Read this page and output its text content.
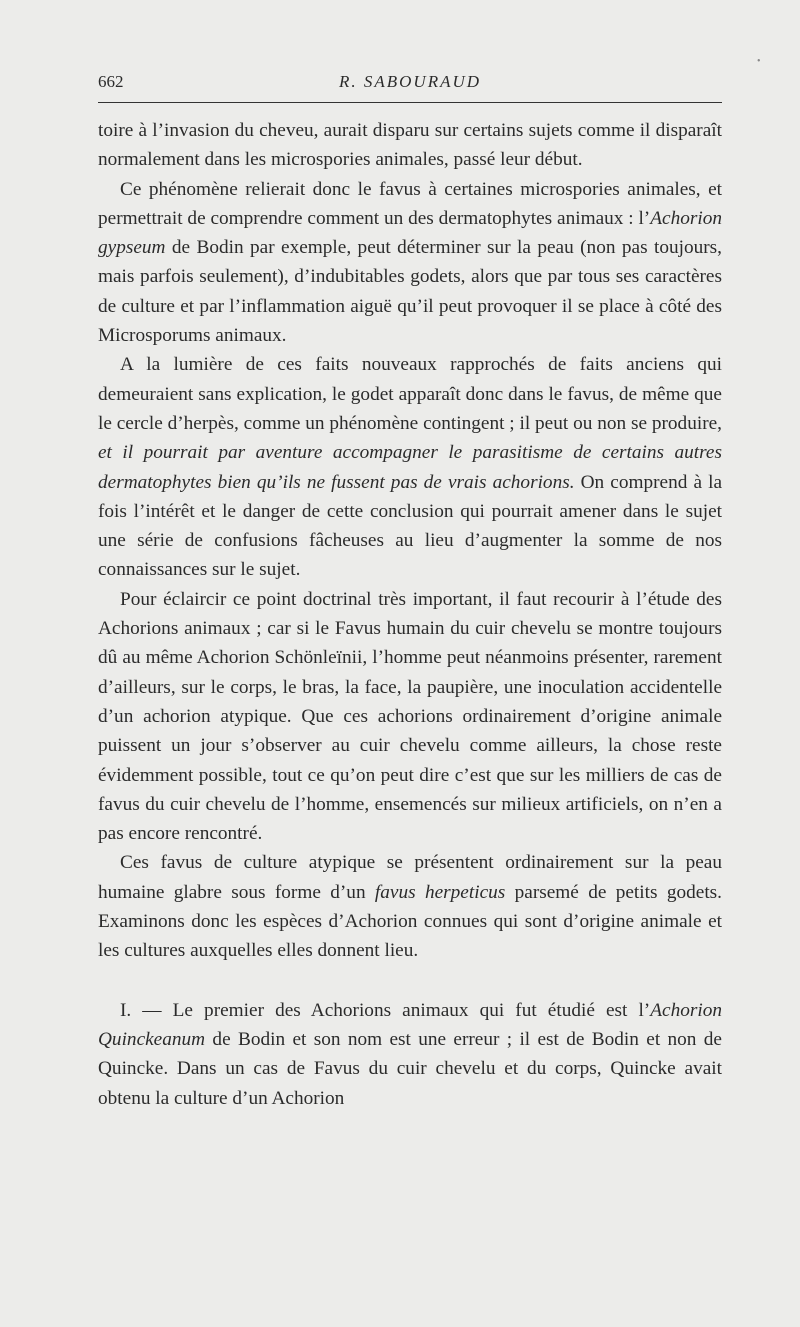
662	R. SABOURAUD
•

toire à l’invasion du cheveu, aurait disparu sur certains sujets comme il disparaît normalement dans les microspories animales, passé leur début.

Ce phénomène relierait donc le favus à certaines microspories animales, et permettrait de comprendre comment un des dermatophytes animaux : l’Achorion gypseum de Bodin par exemple, peut déterminer sur la peau (non pas toujours, mais parfois seulement), d’indubitables godets, alors que par tous ses caractères de culture et par l’inflammation aiguë qu’il peut provoquer il se place à côté des Microsporums animaux.

A la lumière de ces faits nouveaux rapprochés de faits anciens qui demeuraient sans explication, le godet apparaît donc dans le favus, de même que le cercle d’herpès, comme un phénomène contingent ; il peut ou non se produire, et il pourrait par aventure accompagner le parasitisme de certains autres dermatophytes bien qu’ils ne fussent pas de vrais achorions. On comprend à la fois l’intérêt et le danger de cette conclusion qui pourrait amener dans le sujet une série de confusions fâcheuses au lieu d’augmenter la somme de nos connaissances sur le sujet.

Pour éclaircir ce point doctrinal très important, il faut recourir à l’étude des Achorions animaux ; car si le Favus humain du cuir chevelu se montre toujours dû au même Achorion Schönleïnii, l’homme peut néanmoins présenter, rarement d’ailleurs, sur le corps, le bras, la face, la paupière, une inoculation accidentelle d’un achorion atypique. Que ces achorions ordinairement d’origine animale puissent un jour s’observer au cuir chevelu comme ailleurs, la chose reste évidemment possible, tout ce qu’on peut dire c’est que sur les milliers de cas de favus du cuir chevelu de l’homme, ensemencés sur milieux artificiels, on n’en a pas encore rencontré.

Ces favus de culture atypique se présentent ordinairement sur la peau humaine glabre sous forme d’un favus herpeticus parsemé de petits godets. Examinons donc les espèces d’Achorion connues qui sont d’origine animale et les cultures auxquelles elles donnent lieu.

I. — Le premier des Achorions animaux qui fut étudié est l’Achorion Quinckeanum de Bodin et son nom est une erreur ; il est de Bodin et non de Quincke. Dans un cas de Favus du cuir chevelu et du corps, Quincke avait obtenu la culture d’un Achorion
